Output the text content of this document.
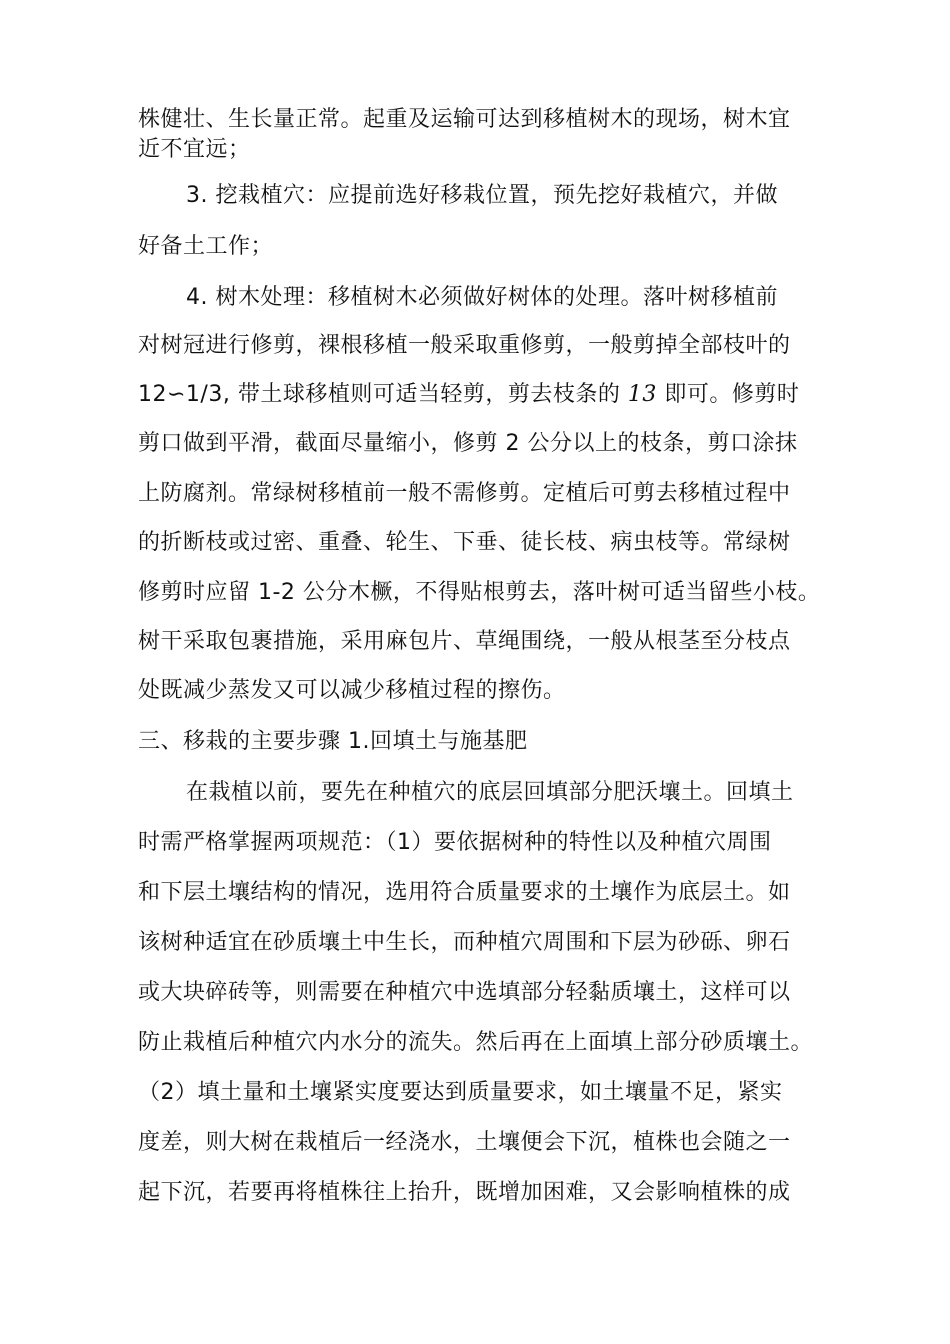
株健壮、生长量正常。起重及运输可达到移植树木的现场，树木宜
近不宜远；
3. 挖栽植穴：应提前选好移栽位置，预先挖好栽植穴，并做
好备土工作；
4. 树木处理：移植树木必须做好树体的处理。落叶树移植前
对树冠进行修剪，裸根移植一般采取重修剪，一般剪掉全部枝叶的
12∽1/3, 带土球移植则可适当轻剪，剪去枝条的 13 即可。修剪时
剪口做到平滑，截面尽量缩小，修剪 2 公分以上的枝条，剪口涂抹
上防腐剂。常绿树移植前一般不需修剪。定植后可剪去移植过程中
的折断枝或过密、重叠、轮生、下垂、徒长枝、病虫枝等。常绿树
修剪时应留 1-2 公分木橛，不得贴根剪去，落叶树可适当留些小枝。
树干采取包裹措施，采用麻包片、草绳围绕，一般从根茎至分枝点
处既减少蒸发又可以减少移植过程的擦伤。
三、移栽的主要步骤 1.回填土与施基肥
在栽植以前，要先在种植穴的底层回填部分肥沃壤土。回填土
时需严格掌握两项规范：（1）要依据树种的特性以及种植穴周围
和下层土壤结构的情况，选用符合质量要求的土壤作为底层土。如
该树种适宜在砂质壤土中生长，而种植穴周围和下层为砂砾、卵石
或大块碎砖等，则需要在种植穴中选填部分轻黏质壤土，这样可以
防止栽植后种植穴内水分的流失。然后再在上面填上部分砂质壤土。
（2）填土量和土壤紧实度要达到质量要求，如土壤量不足，紧实
度差，则大树在栽植后一经浇水，土壤便会下沉，植株也会随之一
起下沉，若要再将植株往上抬升，既增加困难，又会影响植株的成
